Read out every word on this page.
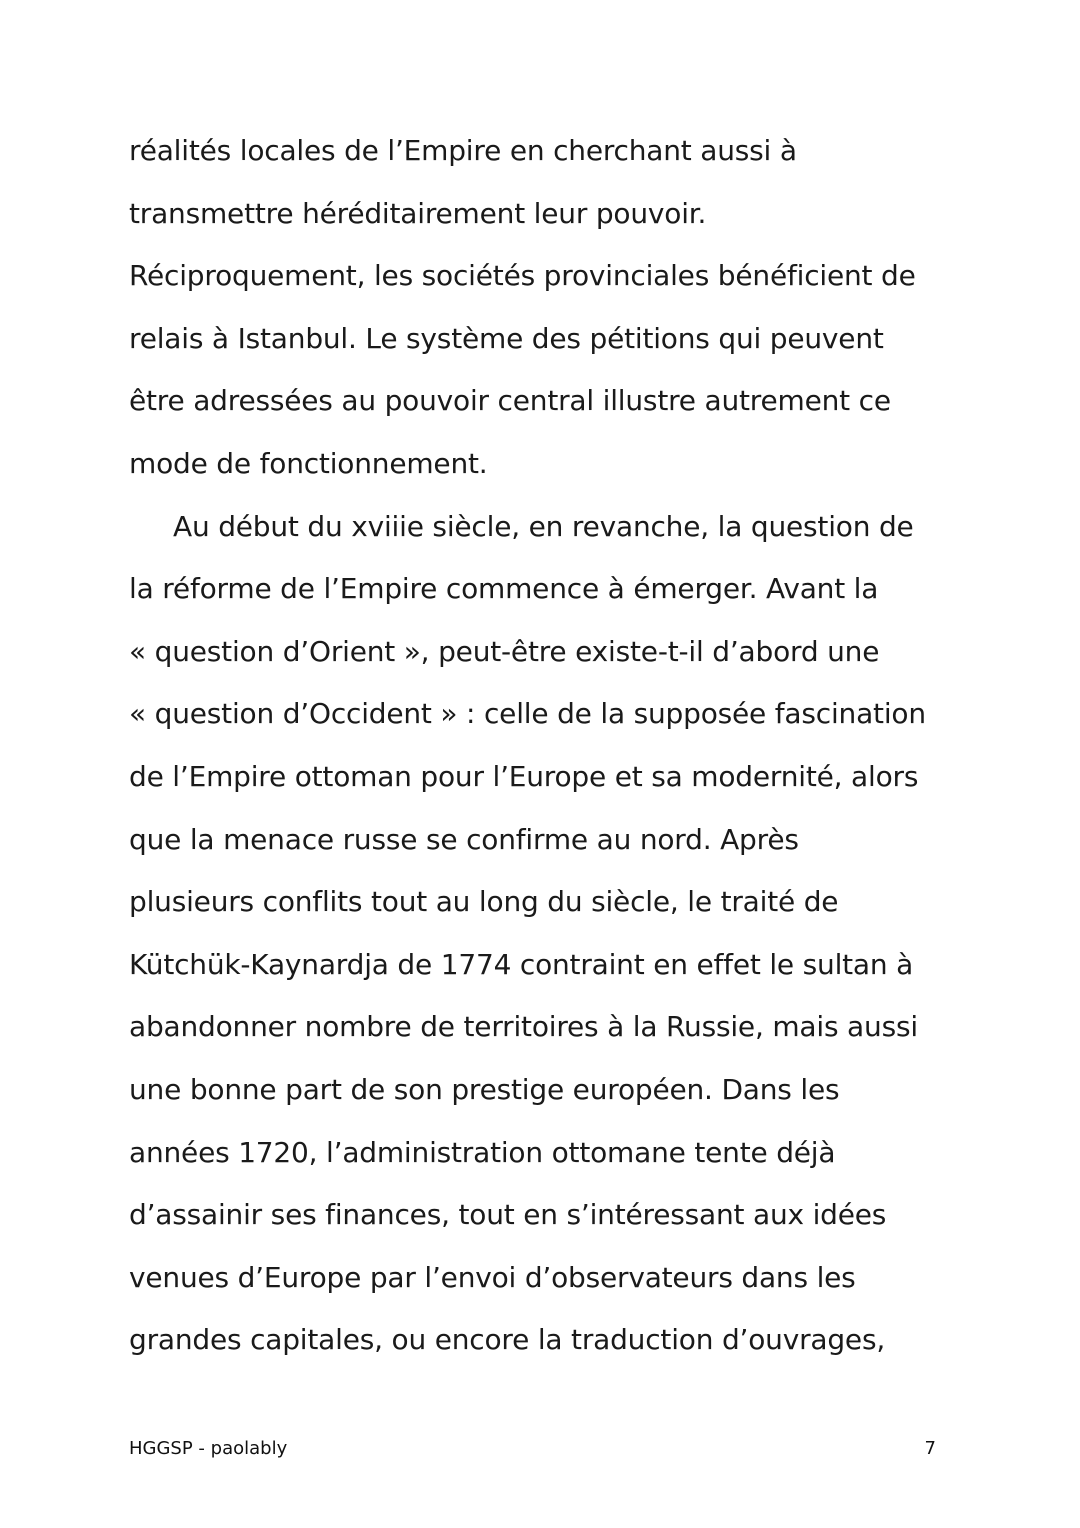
réalités locales de l’Empire en cherchant aussi à
transmettre héréditairement leur pouvoir.
Réciproquement, les sociétés provinciales bénéficient de
relais à Istanbul. Le système des pétitions qui peuvent
être adressées au pouvoir central illustre autrement ce
mode de fonctionnement.
Au début du xviiie siècle, en revanche, la question de
la réforme de l’Empire commence à émerger. Avant la
« question d’Orient », peut-être existe-t-il d’abord une
« question d’Occident » : celle de la supposée fascination
de l’Empire ottoman pour l’Europe et sa modernité, alors
que la menace russe se confirme au nord. Après
plusieurs conflits tout au long du siècle, le traité de
Kütchük-Kaynardja de 1774 contraint en effet le sultan à
abandonner nombre de territoires à la Russie, mais aussi
une bonne part de son prestige européen. Dans les
années 1720, l’administration ottomane tente déjà
d’assainir ses finances, tout en s’intéressant aux idées
venues d’Europe par l’envoi d’observateurs dans les
grandes capitales, ou encore la traduction d’ouvrages,
HGGSP - paolably	7
